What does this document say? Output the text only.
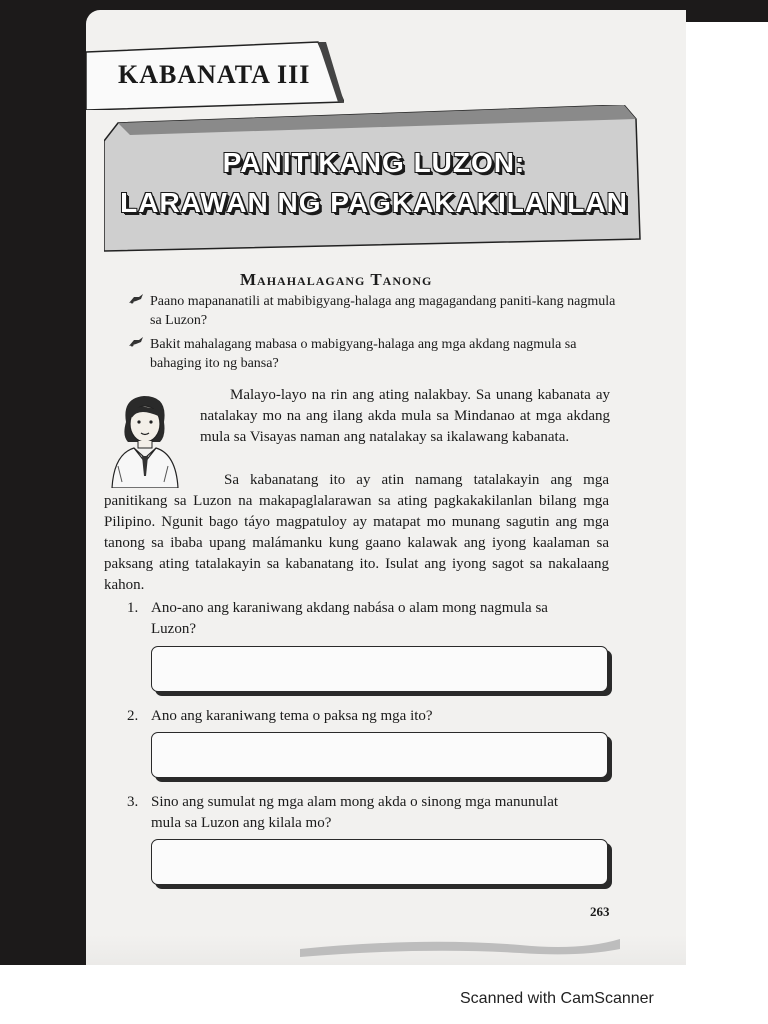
KABANATA III
PANITIKANG LUZON:
LARAWAN NG PAGKAKAKILANLAN
Mahahalagang Tanong
Paano mapananatili at mabibigyang-halaga ang magagandang paniti-kang nagmula sa Luzon?
Bakit mahalagang mabasa o mabigyang-halaga ang mga akdang nagmula sa bahaging ito ng bansa?
Malayo-layo na rin ang ating nalakbay. Sa unang kabanata ay natalakay mo na ang ilang akda mula sa Mindanao at mga akdang mula sa Visayas naman ang natalakay sa ikalawang kabanata.
Sa kabanatang ito ay atin namang tatalakayin ang mga panitikang sa Luzon na makapaglalarawan sa ating pagkakakilanlan bilang mga Pilipino. Ngunit bago táyo magpatuloy ay matapat mo munang sagutin ang mga tanong sa ibaba upang malámanku kung gaano kalawak ang iyong kaalaman sa paksang ating tatalakayin sa kabanatang ito. Isulat ang iyong sagot sa nakalaang kahon.
1. Ano-ano ang karaniwang akdang nabása o alam mong nagmula sa Luzon?
2. Ano ang karaniwang tema o paksa ng mga ito?
3. Sino ang sumulat ng mga alam mong akda o sinong mga manunulat mula sa Luzon ang kilala mo?
263
Scanned with CamScanner
